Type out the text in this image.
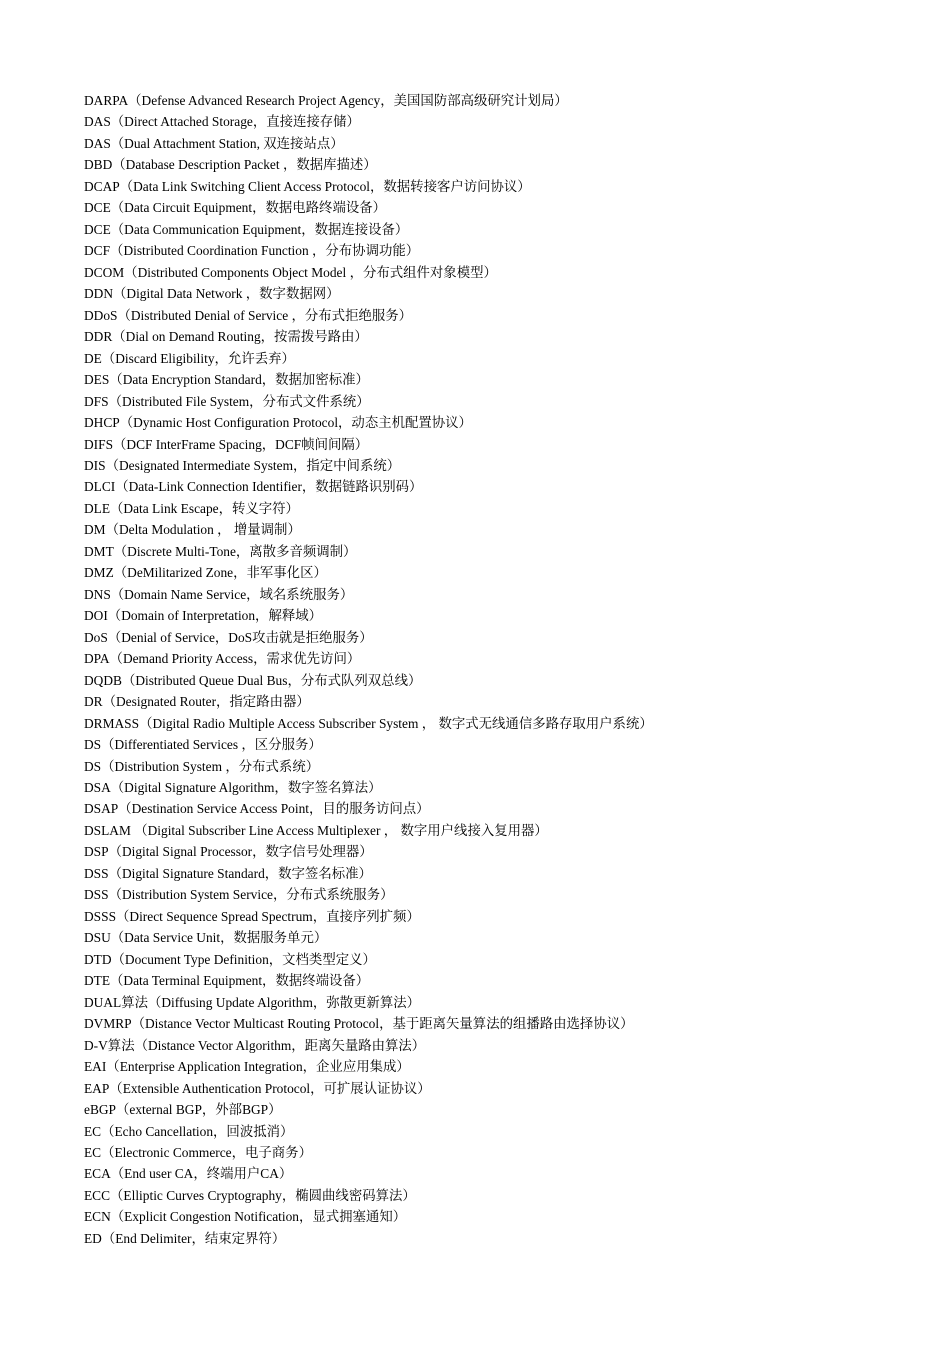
DARPA（Defense Advanced Research Project Agency，美国国防部高级研究计划局）
DAS（Direct Attached Storage，直接连接存储）
DAS（Dual Attachment Station, 双连接站点）
DBD（Database Description Packet ，数据库描述）
DCAP（Data Link Switching Client Access Protocol，数据转接客户访问协议）
DCE（Data Circuit Equipment，数据电路终端设备）
DCE（Data Communication Equipment，数据连接设备）
DCF（Distributed Coordination Function ，分布协调功能）
DCOM（Distributed Components Object Model ，分布式组件对象模型）
DDN（Digital Data Network ，数字数据网）
DDoS（Distributed Denial of Service ，分布式拒绝服务）
DDR（Dial on Demand Routing，按需拨号路由）
DE（Discard Eligibility，允许丢弃）
DES（Data Encryption Standard，数据加密标准）
DFS（Distributed File System，分布式文件系统）
DHCP（Dynamic Host Configuration Protocol，动态主机配置协议）
DIFS（DCF InterFrame Spacing，DCF帧间间隔）
DIS（Designated Intermediate System，指定中间系统）
DLCI（Data-Link Connection Identifier，数据链路识别码）
DLE（Data Link Escape，转义字符）
DM（Delta Modulation ， 增量调制）
DMT（Discrete Multi-Tone，离散多音频调制）
DMZ（DeMilitarized Zone，非军事化区）
DNS（Domain Name Service，域名系统服务）
DOI（Domain of Interpretation，解释域）
DoS（Denial of Service，DoS攻击就是拒绝服务）
DPA（Demand Priority Access，需求优先访问）
DQDB（Distributed Queue Dual Bus，分布式队列双总线）
DR（Designated Router，指定路由器）
DRMASS（Digital Radio Multiple Access Subscriber System ， 数字式无线通信多路存取用户系统）
DS（Differentiated Services ，区分服务）
DS（Distribution System ，分布式系统）
DSA（Digital Signature Algorithm，数字签名算法）
DSAP（Destination Service Access Point，目的服务访问点）
DSLAM （Digital Subscriber Line Access Multiplexer ， 数字用户线接入复用器）
DSP（Digital Signal Processor，数字信号处理器）
DSS（Digital Signature Standard，数字签名标准）
DSS（Distribution System Service，分布式系统服务）
DSSS（Direct Sequence Spread Spectrum，直接序列扩频）
DSU（Data Service Unit，数据服务单元）
DTD（Document Type Definition，文档类型定义）
DTE（Data Terminal Equipment，数据终端设备）
DUAL算法（Diffusing Update Algorithm，弥散更新算法）
DVMRP（Distance Vector Multicast Routing Protocol，基于距离矢量算法的组播路由选择协议）
D-V算法（Distance Vector Algorithm，距离矢量路由算法）
EAI（Enterprise Application Integration，企业应用集成）
EAP（Extensible Authentication Protocol，可扩展认证协议）
eBGP（external BGP，外部BGP）
EC（Echo Cancellation，回波抵消）
EC（Electronic Commerce，电子商务）
ECA（End user CA，终端用户CA）
ECC（Elliptic Curves Cryptography，椭圆曲线密码算法）
ECN（Explicit Congestion Notification，显式拥塞通知）
ED（End Delimiter，结束定界符）
